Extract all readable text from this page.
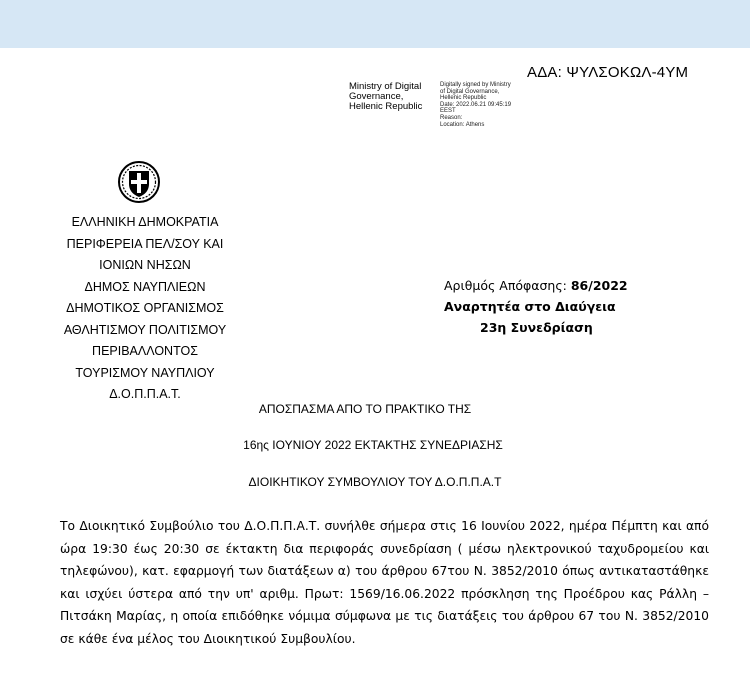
ΑΔΑ: ΨΥΛΣΟΚΩΛ-4ΥΜ
Ministry of Digital
Governance,
Hellenic Republic
Digitally signed by Ministry
of Digital Governance,
Hellenic Republic
Date: 2022.06.21 09:45:19
EEST
Reason:
Location: Athens
ΕΛΛΗΝΙΚΗ ΔΗΜΟΚΡΑΤΙΑ
ΠΕΡΙΦΕΡΕΙΑ ΠΕΛ/ΣΟΥ ΚΑΙ
ΙΟΝΙΩΝ ΝΗΣΩΝ
ΔΗΜΟΣ ΝΑΥΠΛΙΕΩΝ
ΔΗΜΟΤΙΚΟΣ ΟΡΓΑΝΙΣΜΟΣ
ΑΘΛΗΤΙΣΜΟΥ ΠΟΛΙΤΙΣΜΟΥ
ΠΕΡΙΒΑΛΛΟΝΤΟΣ
ΤΟΥΡΙΣΜΟΥ ΝΑΥΠΛΙΟΥ
Δ.Ο.Π.Π.Α.Τ.
Αριθμός Απόφασης: 86/2022
Αναρτητέα στο Διαύγεια
23η Συνεδρίαση
ΑΠΟΣΠΑΣΜΑ ΑΠΟ ΤΟ ΠΡΑΚΤΙΚΟ ΤΗΣ
16ης ΙΟΥΝΙΟΥ 2022 ΕΚΤΑΚΤΗΣ ΣΥΝΕΔΡΙΑΣΗΣ
ΔΙΟΙΚΗΤΙΚΟΥ ΣΥΜΒΟΥΛΙΟΥ ΤΟΥ Δ.Ο.Π.Π.Α.Τ
Το Διοικητικό Συμβούλιο του Δ.Ο.Π.Π.Α.Τ. συνήλθε σήμερα στις 16 Ιουνίου 2022, ημέρα Πέμπτη και από ώρα 19:30 έως 20:30 σε έκτακτη δια περιφοράς συνεδρίαση ( μέσω ηλεκτρονικού ταχυδρομείου και τηλεφώνου), κατ. εφαρμογή των διατάξεων α) του άρθρου 67του Ν. 3852/2010 όπως αντικαταστάθηκε και ισχύει ύστερα από την υπ' αριθμ. Πρωτ: 1569/16.06.2022 πρόσκληση της Προέδρου κας Ράλλη – Πιτσάκη Μαρίας, η οποία επιδόθηκε νόμιμα σύμφωνα με τις διατάξεις του άρθρου 67 του Ν. 3852/2010 σε κάθε ένα μέλος του Διοικητικού Συμβουλίου.
